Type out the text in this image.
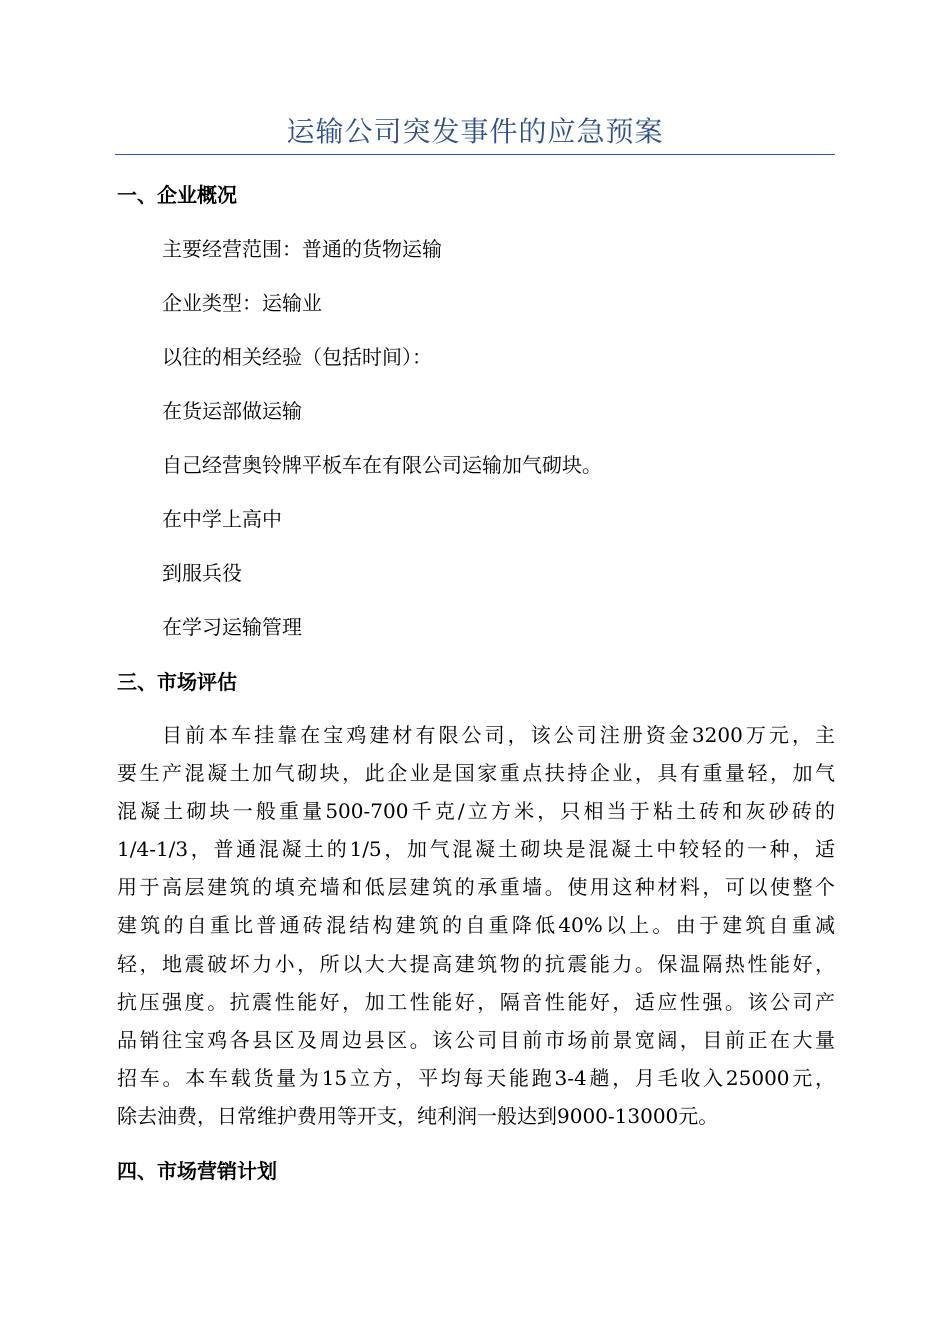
运输公司突发事件的应急预案
一、企业概况
主要经营范围：普通的货物运输
企业类型：运输业
以往的相关经验（包括时间）：
在货运部做运输
自己经营奥铃牌平板车在有限公司运输加气砌块。
在中学上高中
到服兵役
在学习运输管理
三、市场评估
目前本车挂靠在宝鸡建材有限公司，该公司注册资金3200万元，主
要生产混凝土加气砌块，此企业是国家重点扶持企业，具有重量轻，加气
混凝土砌块一般重量500-700千克/立方米，只相当于粘土砖和灰砂砖的
1/4-1/3，普通混凝土的1/5，加气混凝土砌块是混凝土中较轻的一种，适
用于高层建筑的填充墙和低层建筑的承重墙。使用这种材料，可以使整个
建筑的自重比普通砖混结构建筑的自重降低40%以上。由于建筑自重减
轻，地震破坏力小，所以大大提高建筑物的抗震能力。保温隔热性能好，
抗压强度。抗震性能好，加工性能好，隔音性能好，适应性强。该公司产
品销往宝鸡各县区及周边县区。该公司目前市场前景宽阔，目前正在大量
招车。本车载货量为15立方，平均每天能跑3-4趟，月毛收入25000元，
除去油费，日常维护费用等开支，纯利润一般达到9000-13000元。
四、市场营销计划
